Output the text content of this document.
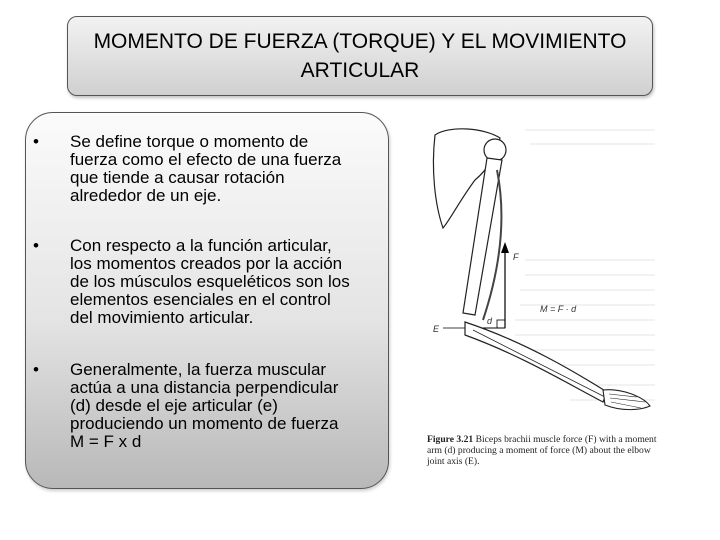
MOMENTO DE FUERZA (TORQUE) Y EL MOVIMIENTO
ARTICULAR
• Se define torque o momento de
fuerza como el efecto de una fuerza
que tiende a causar rotación
alrededor de un eje.
• Con respecto a la función articular,
los momentos creados por la acción
de los músculos esqueléticos son los
elementos esenciales en el control
del movimiento articular.
• Generalmente, la fuerza muscular
actúa a una distancia perpendicular
(d) desde el eje articular (e)
produciendo un momento de fuerza
M = F x d
F
E
d
M = F · d
Figure 3.21 Biceps brachii muscle force (F) with a moment arm (d) producing a moment of force (M) about the elbow joint axis (E).
